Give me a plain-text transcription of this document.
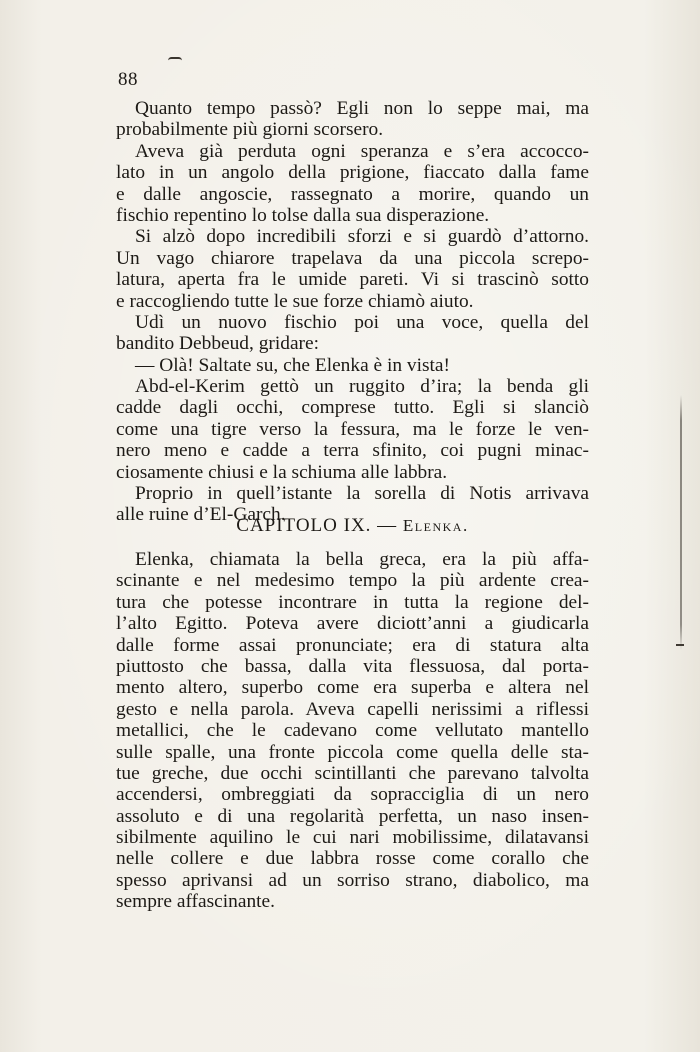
88
Quanto tempo passò? Egli non lo seppe mai, ma
probabilmente più giorni scorsero.
Aveva già perduta ogni speranza e s’era accocco-
lato in un angolo della prigione, fiaccato dalla fame
e dalle angoscie, rassegnato a morire, quando un
fischio repentino lo tolse dalla sua disperazione.
Si alzò dopo incredibili sforzi e si guardò d’attorno.
Un vago chiarore trapelava da una piccola screpo-
latura, aperta fra le umide pareti. Vi si trascinò sotto
e raccogliendo tutte le sue forze chiamò aiuto.
Udì un nuovo fischio poi una voce, quella del
bandito Debbeud, gridare:
— Olà! Saltate su, che Elenka è in vista!
Abd-el-Kerim gettò un ruggito d’ira; la benda gli
cadde dagli occhi, comprese tutto. Egli si slanciò
come una tigre verso la fessura, ma le forze le ven-
nero meno e cadde a terra sfinito, coi pugni minac-
ciosamente chiusi e la schiuma alle labbra.
Proprio in quell’istante la sorella di Notis arrivava
alle ruine d’El-Garch.
CAPITOLO IX. — Elenka.
Elenka, chiamata la bella greca, era la più affa-
scinante e nel medesimo tempo la più ardente crea-
tura che potesse incontrare in tutta la regione del-
l’alto Egitto. Poteva avere diciott’anni a giudicarla
dalle forme assai pronunciate; era di statura alta
piuttosto che bassa, dalla vita flessuosa, dal porta-
mento altero, superbo come era superba e altera nel
gesto e nella parola. Aveva capelli nerissimi a riflessi
metallici, che le cadevano come vellutato mantello
sulle spalle, una fronte piccola come quella delle sta-
tue greche, due occhi scintillanti che parevano talvolta
accendersi, ombreggiati da sopracciglia di un nero
assoluto e di una regolarità perfetta, un naso insen-
sibilmente aquilino le cui nari mobilissime, dilatavansi
nelle collere e due labbra rosse come corallo che
spesso aprivansi ad un sorriso strano, diabolico, ma
sempre affascinante.
